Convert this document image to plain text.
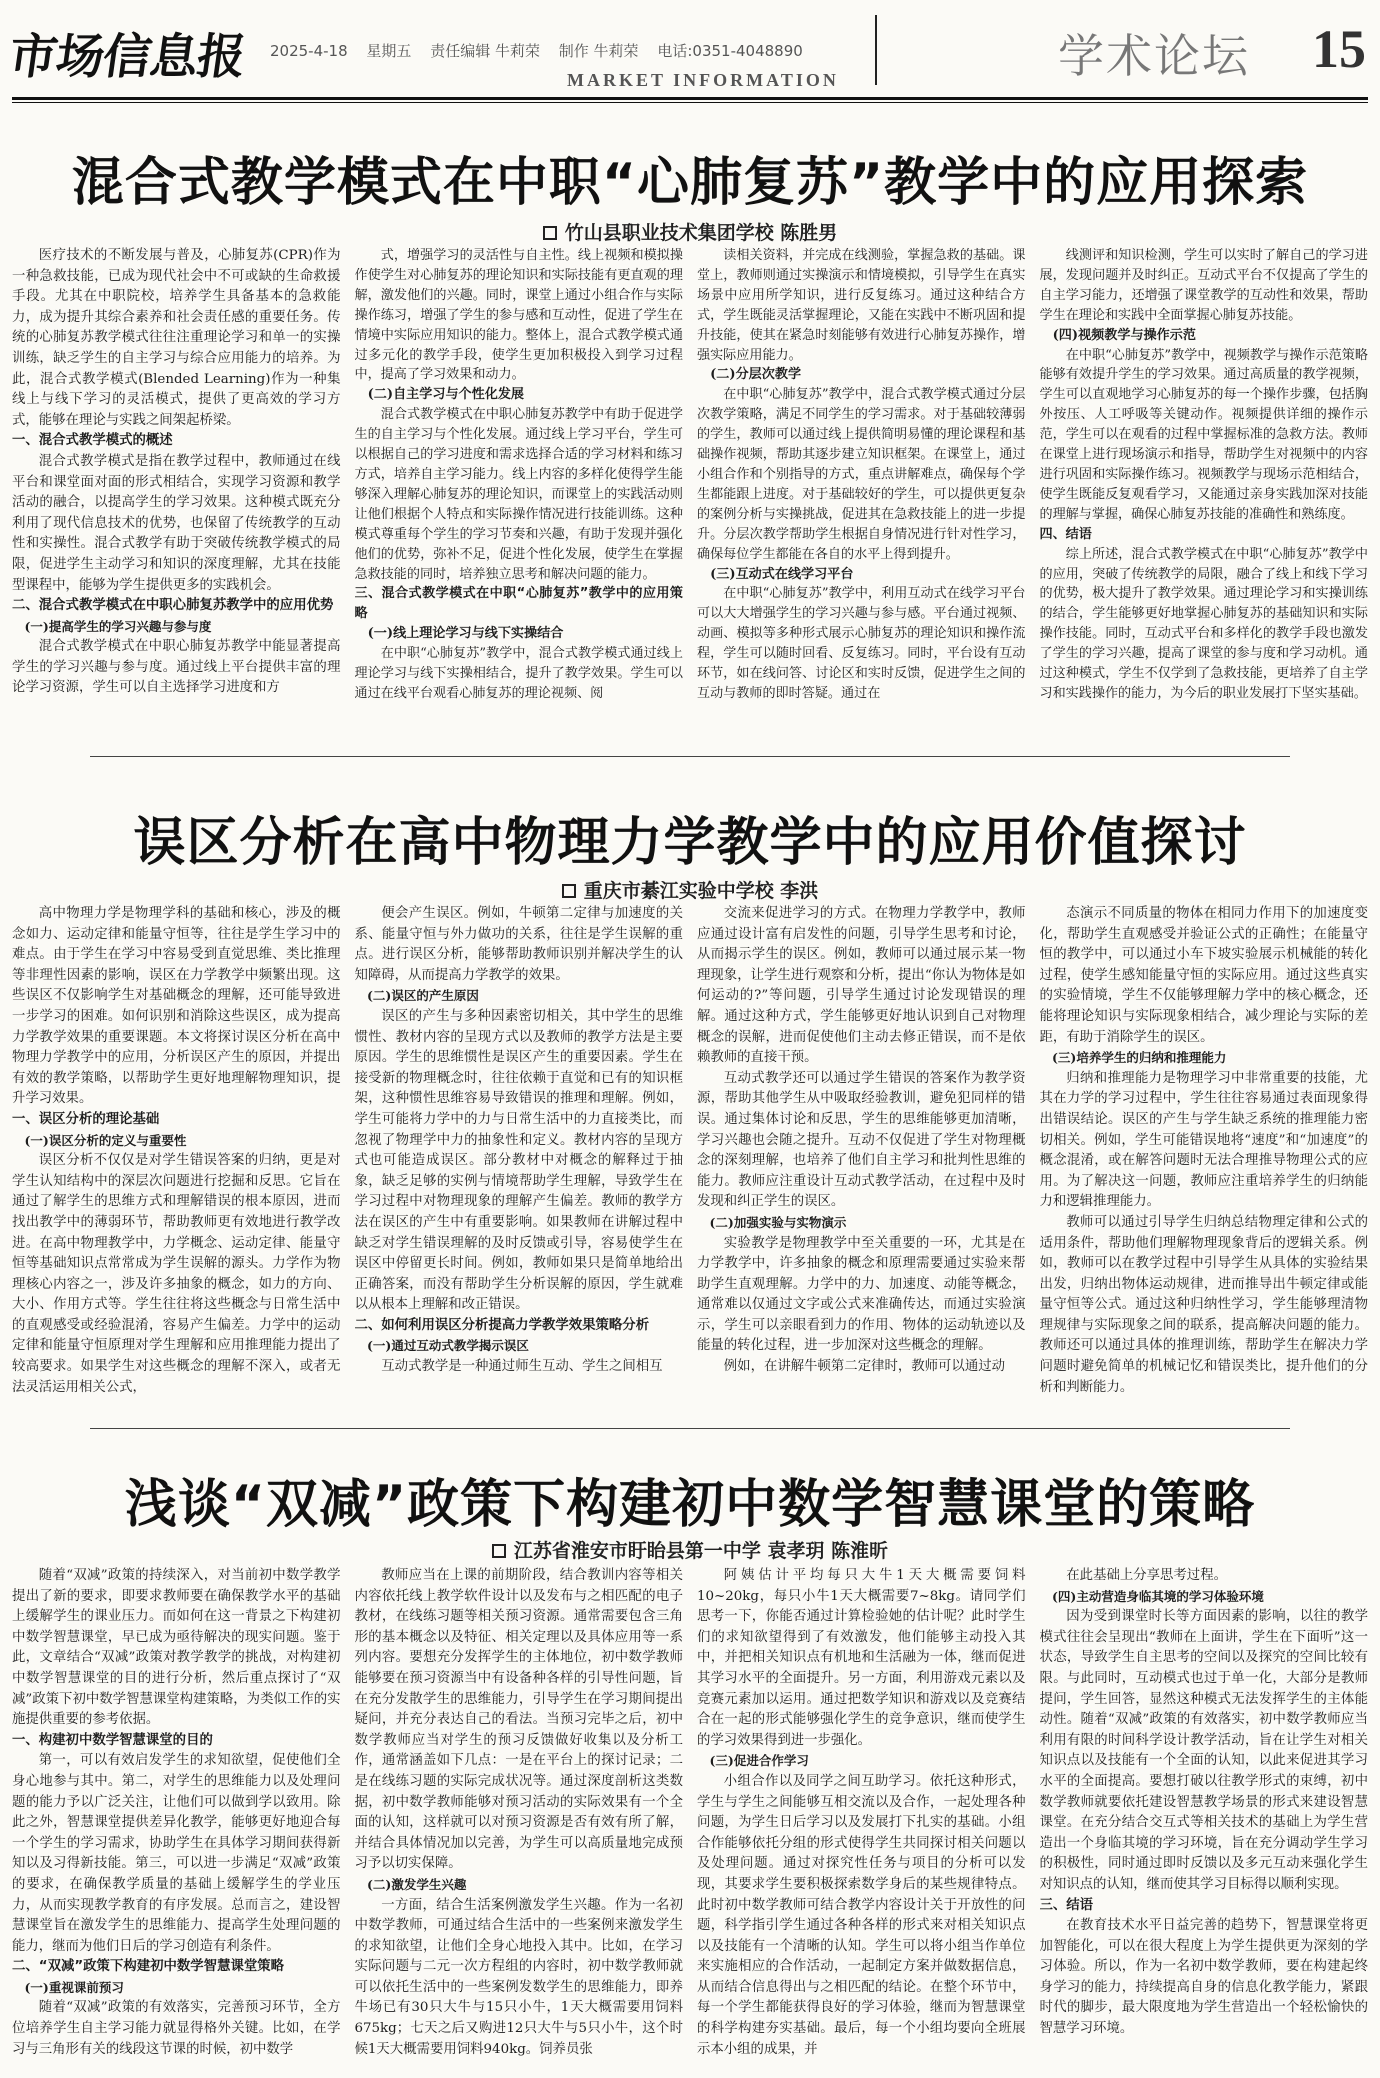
市场信息报 2025-4-18 星期五 责任编辑 牛莉荣 制作 牛莉荣 电话:0351-4048890
MARKET INFORMATION	学术论坛 15
混合式教学模式在中职“心肺复苏”教学中的应用探索
竹山县职业技术集团学校 陈胜男

医疗技术的不断发展与普及，心肺复苏(CPR)作为一种急救技能，已成为现代社会中不可或缺的生命救援手段。尤其在中职院校，培养学生具备基本的急救能力，成为提升其综合素养和社会责任感的重要任务。传统的心肺复苏教学模式往往注重理论学习和单一的实操训练，缺乏学生的自主学习与综合应用能力的培养。为此，混合式教学模式(Blended Learning)作为一种集线上与线下学习的灵活模式，提供了更高效的学习方式，能够在理论与实践之间架起桥梁。

一、混合式教学模式的概述

混合式教学模式是指在教学过程中，教师通过在线平台和课堂面对面的形式相结合，实现学习资源和教学活动的融合，以提高学生的学习效果。这种模式既充分利用了现代信息技术的优势，也保留了传统教学的互动性和实操性。混合式教学有助于突破传统教学模式的局限，促进学生主动学习和知识的深度理解，尤其在技能型课程中，能够为学生提供更多的实践机会。

二、混合式教学模式在中职心肺复苏教学中的应用优势
(一)提高学生的学习兴趣与参与度

混合式教学模式在中职心肺复苏教学中能显著提高学生的学习兴趣与参与度。通过线上平台提供丰富的理论学习资源，学生可以自主选择学习进度和方

式，增强学习的灵活性与自主性。线上视频和模拟操作使学生对心肺复苏的理论知识和实际技能有更直观的理解，激发他们的兴趣。同时，课堂上通过小组合作与实际操作练习，增强了学生的参与感和互动性，促进了学生在情境中实际应用知识的能力。整体上，混合式教学模式通过多元化的教学手段，使学生更加积极投入到学习过程中，提高了学习效果和动力。

(二)自主学习与个性化发展

混合式教学模式在中职心肺复苏教学中有助于促进学生的自主学习与个性化发展。通过线上学习平台，学生可以根据自己的学习进度和需求选择合适的学习材料和练习方式，培养自主学习能力。线上内容的多样化使得学生能够深入理解心肺复苏的理论知识，而课堂上的实践活动则让他们根据个人特点和实际操作情况进行技能训练。这种模式尊重每个学生的学习节奏和兴趣，有助于发现并强化他们的优势，弥补不足，促进个性化发展，使学生在掌握急救技能的同时，培养独立思考和解决问题的能力。

三、混合式教学模式在中职“心肺复苏”教学中的应用策略
(一)线上理论学习与线下实操结合

在中职“心肺复苏”教学中，混合式教学模式通过线上理论学习与线下实操相结合，提升了教学效果。学生可以通过在线平台观看心肺复苏的理论视频、阅

读相关资料，并完成在线测验，掌握急救的基础。课堂上，教师则通过实操演示和情境模拟，引导学生在真实场景中应用所学知识，进行反复练习。通过这种结合方式，学生既能灵活掌握理论，又能在实践中不断巩固和提升技能，使其在紧急时刻能够有效进行心肺复苏操作，增强实际应用能力。

(二)分层次教学

在中职“心肺复苏”教学中，混合式教学模式通过分层次教学策略，满足不同学生的学习需求。对于基础较薄弱的学生，教师可以通过线上提供简明易懂的理论课程和基础操作视频，帮助其逐步建立知识框架。在课堂上，通过小组合作和个别指导的方式，重点讲解难点，确保每个学生都能跟上进度。对于基础较好的学生，可以提供更复杂的案例分析与实操挑战，促进其在急救技能上的进一步提升。分层次教学帮助学生根据自身情况进行针对性学习，确保每位学生都能在各自的水平上得到提升。

(三)互动式在线学习平台

在中职“心肺复苏”教学中，利用互动式在线学习平台可以大大增强学生的学习兴趣与参与感。平台通过视频、动画、模拟等多种形式展示心肺复苏的理论知识和操作流程，学生可以随时回看、反复练习。同时，平台设有互动环节，如在线问答、讨论区和实时反馈，促进学生之间的互动与教师的即时答疑。通过在

线测评和知识检测，学生可以实时了解自己的学习进展，发现问题并及时纠正。互动式平台不仅提高了学生的自主学习能力，还增强了课堂教学的互动性和效果，帮助学生在理论和实践中全面掌握心肺复苏技能。

(四)视频教学与操作示范

在中职“心肺复苏”教学中，视频教学与操作示范策略能够有效提升学生的学习效果。通过高质量的教学视频，学生可以直观地学习心肺复苏的每一个操作步骤，包括胸外按压、人工呼吸等关键动作。视频提供详细的操作示范，学生可以在观看的过程中掌握标准的急救方法。教师在课堂上进行现场演示和指导，帮助学生对视频中的内容进行巩固和实际操作练习。视频教学与现场示范相结合，使学生既能反复观看学习，又能通过亲身实践加深对技能的理解与掌握，确保心肺复苏技能的准确性和熟练度。

四、结语

综上所述，混合式教学模式在中职“心肺复苏”教学中的应用，突破了传统教学的局限，融合了线上和线下学习的优势，极大提升了教学效果。通过理论学习和实操训练的结合，学生能够更好地掌握心肺复苏的基础知识和实际操作技能。同时，互动式平台和多样化的教学手段也激发了学生的学习兴趣，提高了课堂的参与度和学习动机。通过这种模式，学生不仅学到了急救技能，更培养了自主学习和实践操作的能力，为今后的职业发展打下坚实基础。

误区分析在高中物理力学教学中的应用价值探讨
重庆市綦江实验中学校 李洪

高中物理力学是物理学科的基础和核心，涉及的概念如力、运动定律和能量守恒等，往往是学生学习中的难点。由于学生在学习中容易受到直觉思维、类比推理等非理性因素的影响，误区在力学教学中频繁出现。这些误区不仅影响学生对基础概念的理解，还可能导致进一步学习的困难。如何识别和消除这些误区，成为提高力学教学效果的重要课题。本文将探讨误区分析在高中物理力学教学中的应用，分析误区产生的原因，并提出有效的教学策略，以帮助学生更好地理解物理知识，提升学习效果。

一、误区分析的理论基础
(一)误区分析的定义与重要性

误区分析不仅仅是对学生错误答案的归纳，更是对学生认知结构中的深层次问题进行挖掘和反思。它旨在通过了解学生的思维方式和理解错误的根本原因，进而找出教学中的薄弱环节，帮助教师更有效地进行教学改进。在高中物理教学中，力学概念、运动定律、能量守恒等基础知识点常常成为学生误解的源头。力学作为物理核心内容之一，涉及许多抽象的概念，如力的方向、大小、作用方式等。学生往往将这些概念与日常生活中的直观感受或经验混淆，容易产生偏差。力学中的运动定律和能量守恒原理对学生理解和应用推理能力提出了较高要求。如果学生对这些概念的理解不深入，或者无法灵活运用相关公式，

便会产生误区。例如，牛顿第二定律与加速度的关系、能量守恒与外力做功的关系，往往是学生误解的重点。进行误区分析，能够帮助教师识别并解决学生的认知障碍，从而提高力学教学的效果。

(二)误区的产生原因

误区的产生与多种因素密切相关，其中学生的思维惯性、教材内容的呈现方式以及教师的教学方法是主要原因。学生的思维惯性是误区产生的重要因素。学生在接受新的物理概念时，往往依赖于直觉和已有的知识框架，这种惯性思维容易导致错误的推理和理解。例如，学生可能将力学中的力与日常生活中的力直接类比，而忽视了物理学中力的抽象性和定义。教材内容的呈现方式也可能造成误区。部分教材中对概念的解释过于抽象，缺乏足够的实例与情境帮助学生理解，导致学生在学习过程中对物理现象的理解产生偏差。教师的教学方法在误区的产生中有重要影响。如果教师在讲解过程中缺乏对学生错误理解的及时反馈或引导，容易使学生在误区中停留更长时间。例如，教师如果只是简单地给出正确答案，而没有帮助学生分析误解的原因，学生就难以从根本上理解和改正错误。

二、如何利用误区分析提高力学教学效果策略分析
(一)通过互动式教学揭示误区

互动式教学是一种通过师生互动、学生之间相互

交流来促进学习的方式。在物理力学教学中，教师应通过设计富有启发性的问题，引导学生思考和讨论，从而揭示学生的误区。例如，教师可以通过展示某一物理现象，让学生进行观察和分析，提出“你认为物体是如何运动的?”等问题，引导学生通过讨论发现错误的理解。通过这种方式，学生能够更好地认识到自己对物理概念的误解，进而促使他们主动去修正错误，而不是依赖教师的直接干预。

互动式教学还可以通过学生错误的答案作为教学资源，帮助其他学生从中吸取经验教训，避免犯同样的错误。通过集体讨论和反思，学生的思维能够更加清晰，学习兴趣也会随之提升。互动不仅促进了学生对物理概念的深刻理解，也培养了他们自主学习和批判性思维的能力。教师应注重设计互动式教学活动，在过程中及时发现和纠正学生的误区。

(二)加强实验与实物演示

实验教学是物理教学中至关重要的一环，尤其是在力学教学中，许多抽象的概念和原理需要通过实验来帮助学生直观理解。力学中的力、加速度、动能等概念，通常难以仅通过文字或公式来准确传达，而通过实验演示，学生可以亲眼看到力的作用、物体的运动轨迹以及能量的转化过程，进一步加深对这些概念的理解。

例如，在讲解牛顿第二定律时，教师可以通过动

态演示不同质量的物体在相同力作用下的加速度变化，帮助学生直观感受并验证公式的正确性；在能量守恒的教学中，可以通过小车下坡实验展示机械能的转化过程，使学生感知能量守恒的实际应用。通过这些真实的实验情境，学生不仅能够理解力学中的核心概念，还能将理论知识与实际现象相结合，减少理论与实际的差距，有助于消除学生的误区。

(三)培养学生的归纳和推理能力

归纳和推理能力是物理学习中非常重要的技能，尤其在力学的学习过程中，学生往往容易通过表面现象得出错误结论。误区的产生与学生缺乏系统的推理能力密切相关。例如，学生可能错误地将“速度”和“加速度”的概念混淆，或在解答问题时无法合理推导物理公式的应用。为了解决这一问题，教师应注重培养学生的归纳能力和逻辑推理能力。

教师可以通过引导学生归纳总结物理定律和公式的适用条件，帮助他们理解物理现象背后的逻辑关系。例如，教师可以在教学过程中引导学生从具体的实验结果出发，归纳出物体运动规律，进而推导出牛顿定律或能量守恒等公式。通过这种归纳性学习，学生能够理清物理规律与实际现象之间的联系，提高解决问题的能力。教师还可以通过具体的推理训练，帮助学生在解决力学问题时避免简单的机械记忆和错误类比，提升他们的分析和判断能力。

浅谈“双减”政策下构建初中数学智慧课堂的策略
江苏省淮安市盱眙县第一中学 袁孝玥 陈淮昕

随着“双减”政策的持续深入，对当前初中数学教学提出了新的要求，即要求教师要在确保教学水平的基础上缓解学生的课业压力。而如何在这一背景之下构建初中数学智慧课堂，早已成为亟待解决的现实问题。鉴于此，文章结合“双减”政策对教学教学的挑战，对构建初中数学智慧课堂的目的进行分析，然后重点探讨了“双减”政策下初中数学智慧课堂构建策略，为类似工作的实施提供重要的参考依据。

一、构建初中数学智慧课堂的目的

第一，可以有效启发学生的求知欲望，促使他们全身心地参与其中。第二，对学生的思维能力以及处理问题的能力予以广泛关注，让他们可以做到学以致用。除此之外，智慧课堂提供差异化教学，能够更好地迎合每一个学生的学习需求，协助学生在具体学习期间获得新知以及习得新技能。第三，可以进一步满足“双减”政策的要求，在确保教学质量的基础上缓解学生的学业压力，从而实现教学教育的有序发展。总而言之，建设智慧课堂旨在激发学生的思维能力、提高学生处理问题的能力，继而为他们日后的学习创造有利条件。

二、“双减”政策下构建初中数学智慧课堂策略
(一)重视课前预习

随着“双减”政策的有效落实，完善预习环节，全方位培养学生自主学习能力就显得格外关键。比如，在学习与三角形有关的线段这节课的时候，初中数学

教师应当在上课的前期阶段，结合教训内容等相关内容依托线上教学软件设计以及发布与之相匹配的电子教材，在线练习题等相关预习资源。通常需要包含三角形的基本概念以及特征、相关定理以及具体应用等一系列内容。要想充分发挥学生的主体地位，初中数学教师能够要在预习资源当中有设备种各样的引导性问题，旨在充分发散学生的思维能力，引导学生在学习期间提出疑问，并充分表达自己的看法。当预习完毕之后，初中数学教师应当对学生的预习反馈做好收集以及分析工作，通常涵盖如下几点：一是在平台上的探讨记录；二是在线练习题的实际完成状况等。通过深度剖析这类数据，初中数学教师能够对预习活动的实际效果有一个全面的认知，这样就可以对预习资源是否有效有所了解，并结合具体情况加以完善，为学生可以高质量地完成预习予以切实保障。

(二)激发学生兴趣

一方面，结合生活案例激发学生兴趣。作为一名初中数学教师，可通过结合生活中的一些案例来激发学生的求知欲望，让他们全身心地投入其中。比如，在学习实际问题与二元一次方程组的内容时，初中数学教师就可以依托生活中的一些案例发数学生的思维能力，即养牛场已有30只大牛与15只小牛，1天大概需要用饲料675kg；七天之后又购进12只大牛与5只小牛，这个时候1天大概需要用饲料940kg。饲养员张

阿姨估计平均每只大牛1天大概需要饲料10~20kg，每只小牛1天大概需要7~8kg。请同学们思考一下，你能否通过计算检验她的估计呢？此时学生们的求知欲望得到了有效激发，他们能够主动投入其中，并把相关知识点有机地和生活融为一体，继而促进其学习水平的全面提升。另一方面，利用游戏元素以及竞赛元素加以运用。通过把数学知识和游戏以及竞赛结合在一起的形式能够强化学生的竞争意识，继而使学生的学习效果得到进一步强化。

(三)促进合作学习

小组合作以及同学之间互助学习。依托这种形式，学生与学生之间能够互相交流以及合作，一起处理各种问题，为学生日后学习以及发展打下扎实的基础。小组合作能够依托分组的形式使得学生共同探讨相关问题以及处理问题。通过对探究性任务与项目的分析可以发现，其要求学生要积极探索数学身后的某些规律特点。此时初中数学教师可结合教学内容设计关于开放性的问题，科学指引学生通过各种各样的形式来对相关知识点以及技能有一个清晰的认知。学生可以将小组当作单位来实施相应的合作活动，一起制定方案并做数据信息，从而结合信息得出与之相匹配的结论。在整个环节中，每一个学生都能获得良好的学习体验，继而为智慧课堂的科学构建夯实基础。最后，每一个小组均要向全班展示本小组的成果，并

在此基础上分享思考过程。

(四)主动营造身临其境的学习体验环境

因为受到课堂时长等方面因素的影响，以往的教学模式往往会呈现出“教师在上面讲，学生在下面听”这一状态，导致学生自主思考的空间以及探究的空间比较有限。与此同时，互动模式也过于单一化，大部分是教师提问，学生回答，显然这种模式无法发挥学生的主体能动性。随着“双减”政策的有效落实，初中数学教师应当利用有限的时间科学设计教学活动，旨在让学生对相关知识点以及技能有一个全面的认知，以此来促进其学习水平的全面提高。要想打破以往教学形式的束缚，初中数学教师就要依托建设智慧教学场景的形式来建设智慧课堂。在充分结合交互式等相关技术的基础上为学生营造出一个身临其境的学习环境，旨在充分调动学生学习的积极性，同时通过即时反馈以及多元互动来强化学生对知识点的认知，继而使其学习目标得以顺利实现。

三、结语

在教育技术水平日益完善的趋势下，智慧课堂将更加智能化，可以在很大程度上为学生提供更为深刻的学习体验。所以，作为一名初中数学教师，要在构建起终身学习的能力，持续提高自身的信息化教学能力，紧跟时代的脚步，最大限度地为学生营造出一个轻松愉快的智慧学习环境。
